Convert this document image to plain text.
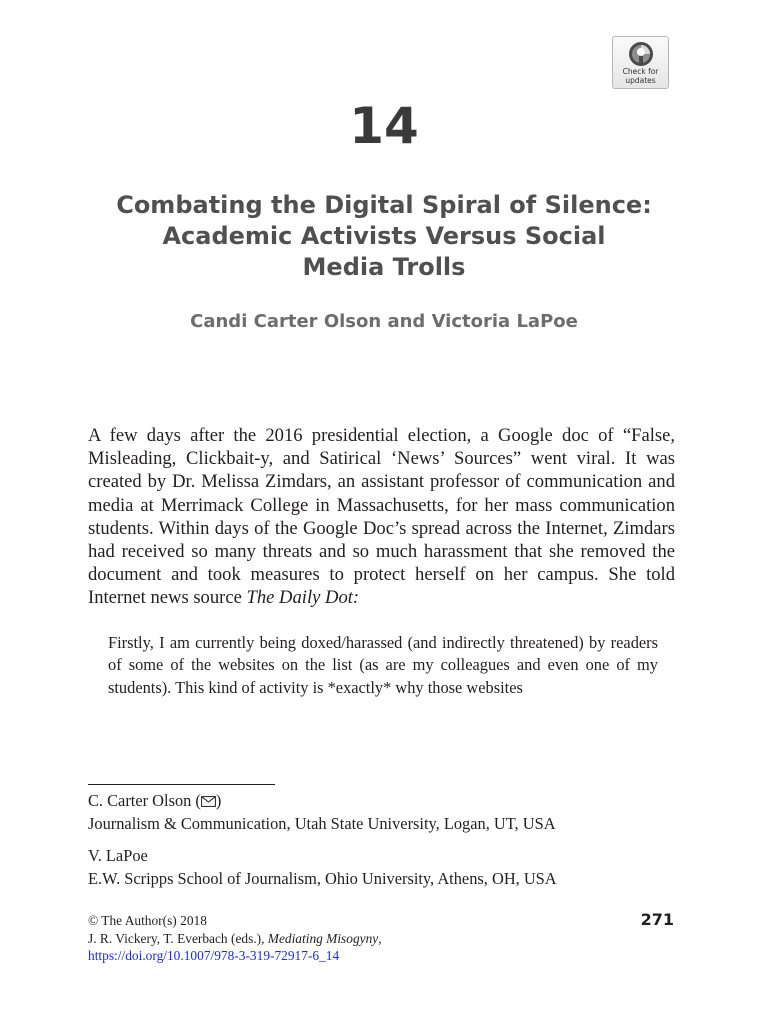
Check for
updates
14
Combating the Digital Spiral of Silence:
Academic Activists Versus Social
Media Trolls
Candi Carter Olson and Victoria LaPoe

A few days after the 2016 presidential election, a Google doc of “False, Misleading, Clickbait-y, and Satirical ‘News’ Sources” went viral. It was created by Dr. Melissa Zimdars, an assistant professor of communication and media at Merrimack College in Massachusetts, for her mass communication students. Within days of the Google Doc’s spread across the Internet, Zimdars had received so many threats and so much harassment that she removed the document and took measures to protect herself on her campus. She told Internet news source The Daily Dot:

Firstly, I am currently being doxed/harassed (and indirectly threatened) by readers of some of the websites on the list (as are my colleagues and even one of my students). This kind of activity is *exactly* why those websites

C. Carter Olson ( )
Journalism & Communication, Utah State University, Logan, UT, USA
V. LaPoe
E.W. Scripps School of Journalism, Ohio University, Athens, OH, USA
© The Author(s) 2018
J. R. Vickery, T. Everbach (eds.), Mediating Misogyny,
https://doi.org/10.1007/978-3-319-72917-6_14
271
